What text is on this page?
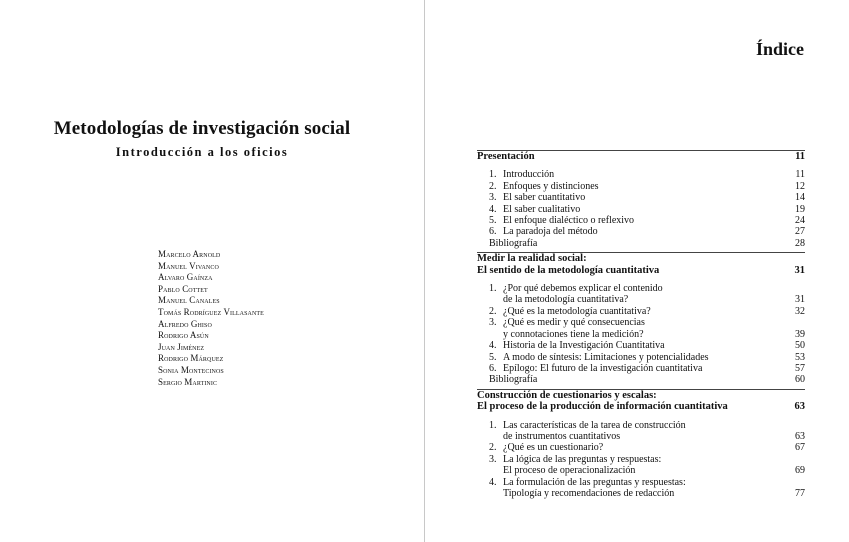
Metodologías de investigación social
Introducción a los oficios
Marcelo Arnold
Manuel Vivanco
Alvaro Gaínza
Pablo Cottet
Manuel Canales
Tomás Rodríguez Villasante
Alfredo Ghiso
Rodrigo Asún
Juan Jiménez
Rodrigo Márquez
Sonia Montecinos
Sergio Martinic
Índice
Presentación	11
1. Introducción	11
2. Enfoques y distinciones	12
3. El saber cuantitativo	14
4. El saber cualitativo	19
5. El enfoque dialéctico o reflexivo	24
6. La paradoja del método	27
Bibliografía	28
Medir la realidad social:
El sentido de la metodología cuantitativa	31
1. ¿Por qué debemos explicar el contenido
de la metodología cuantitativa?	31
2. ¿Qué es la metodología cuantitativa?	32
3. ¿Qué es medir y qué consecuencias
y connotaciones tiene la medición?	39
4. Historia de la Investigación Cuantitativa	50
5. A modo de síntesis: Limitaciones y potencialidades	53
6. Epílogo: El futuro de la investigación cuantitativa	57
Bibliografía	60
Construcción de cuestionarios y escalas:
El proceso de la producción de información cuantitativa	63
1. Las características de la tarea de construcción
de instrumentos cuantitativos	63
2. ¿Qué es un cuestionario?	67
3. La lógica de las preguntas y respuestas:
El proceso de operacionalización	69
4. La formulación de las preguntas y respuestas:
Tipología y recomendaciones de redacción	77
